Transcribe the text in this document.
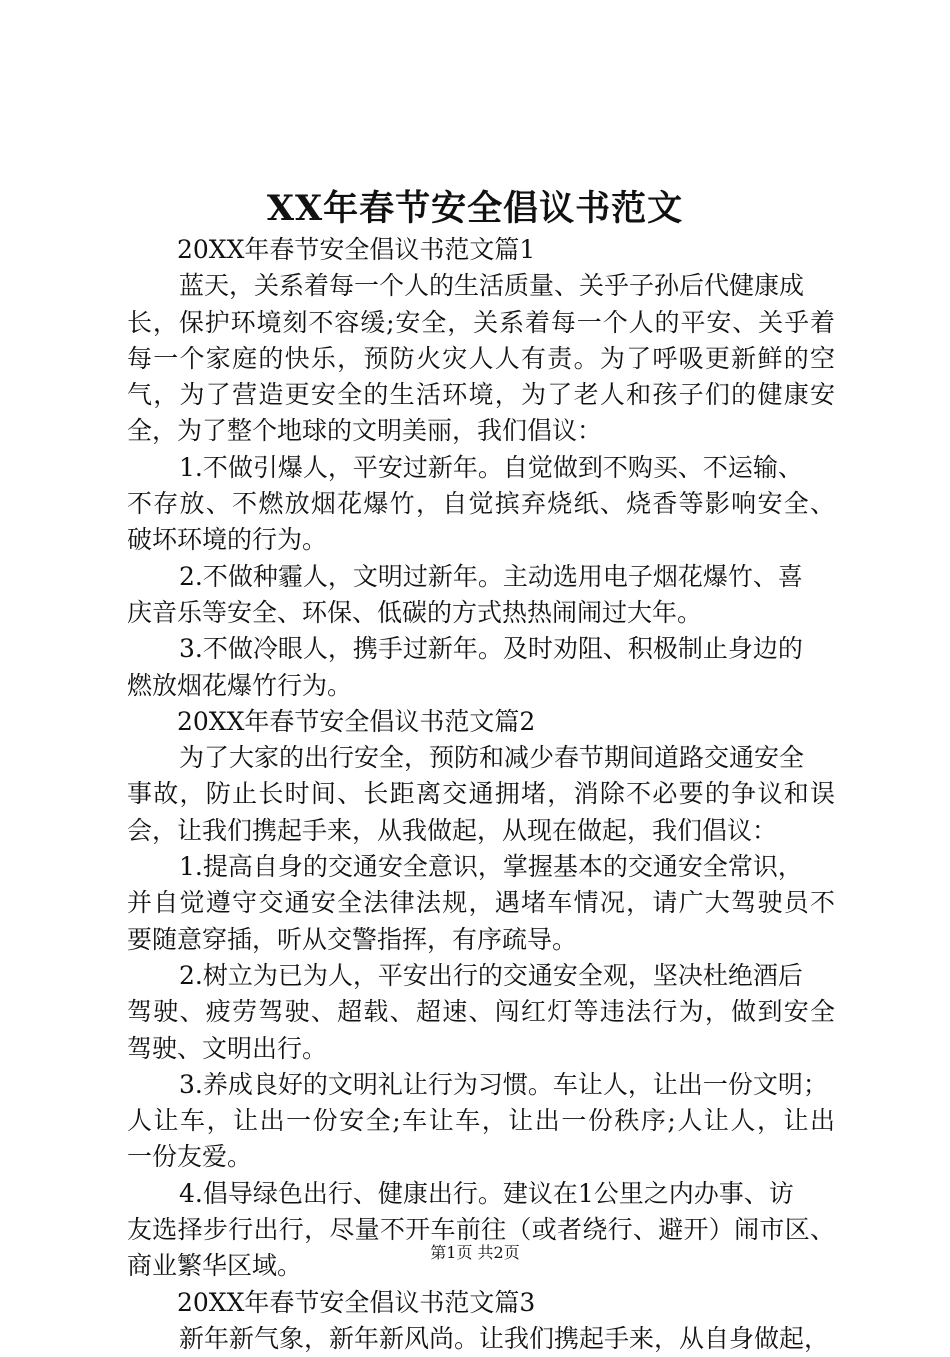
XX年春节安全倡议书范文
20XX年春节安全倡议书范文篇1
蓝天，关系着每一个人的生活质量、关乎子孙后代健康成
长，保护环境刻不容缓;安全，关系着每一个人的平安、关乎着
每一个家庭的快乐，预防火灾人人有责。为了呼吸更新鲜的空
气，为了营造更安全的生活环境，为了老人和孩子们的健康安
全，为了整个地球的文明美丽，我们倡议：
1.不做引爆人，平安过新年。自觉做到不购买、不运输、
不存放、不燃放烟花爆竹，自觉摈弃烧纸、烧香等影响安全、
破坏环境的行为。
2.不做种霾人，文明过新年。主动选用电子烟花爆竹、喜
庆音乐等安全、环保、低碳的方式热热闹闹过大年。
3.不做冷眼人，携手过新年。及时劝阻、积极制止身边的
燃放烟花爆竹行为。
20XX年春节安全倡议书范文篇2
为了大家的出行安全，预防和减少春节期间道路交通安全
事故，防止长时间、长距离交通拥堵，消除不必要的争议和误
会，让我们携起手来，从我做起，从现在做起，我们倡议：
1.提高自身的交通安全意识，掌握基本的交通安全常识，
并自觉遵守交通安全法律法规，遇堵车情况，请广大驾驶员不
要随意穿插，听从交警指挥，有序疏导。
2.树立为已为人，平安出行的交通安全观，坚决杜绝酒后
驾驶、疲劳驾驶、超载、超速、闯红灯等违法行为，做到安全
驾驶、文明出行。
3.养成良好的文明礼让行为习惯。车让人，让出一份文明；
人让车，让出一份安全;车让车，让出一份秩序;人让人，让出
一份友爱。
4.倡导绿色出行、健康出行。建议在1公里之内办事、访
友选择步行出行，尽量不开车前往（或者绕行、避开）闹市区、
商业繁华区域。
20XX年春节安全倡议书范文篇3
新年新气象，新年新风尚。让我们携起手来，从自身做起，
第1页 共2页
